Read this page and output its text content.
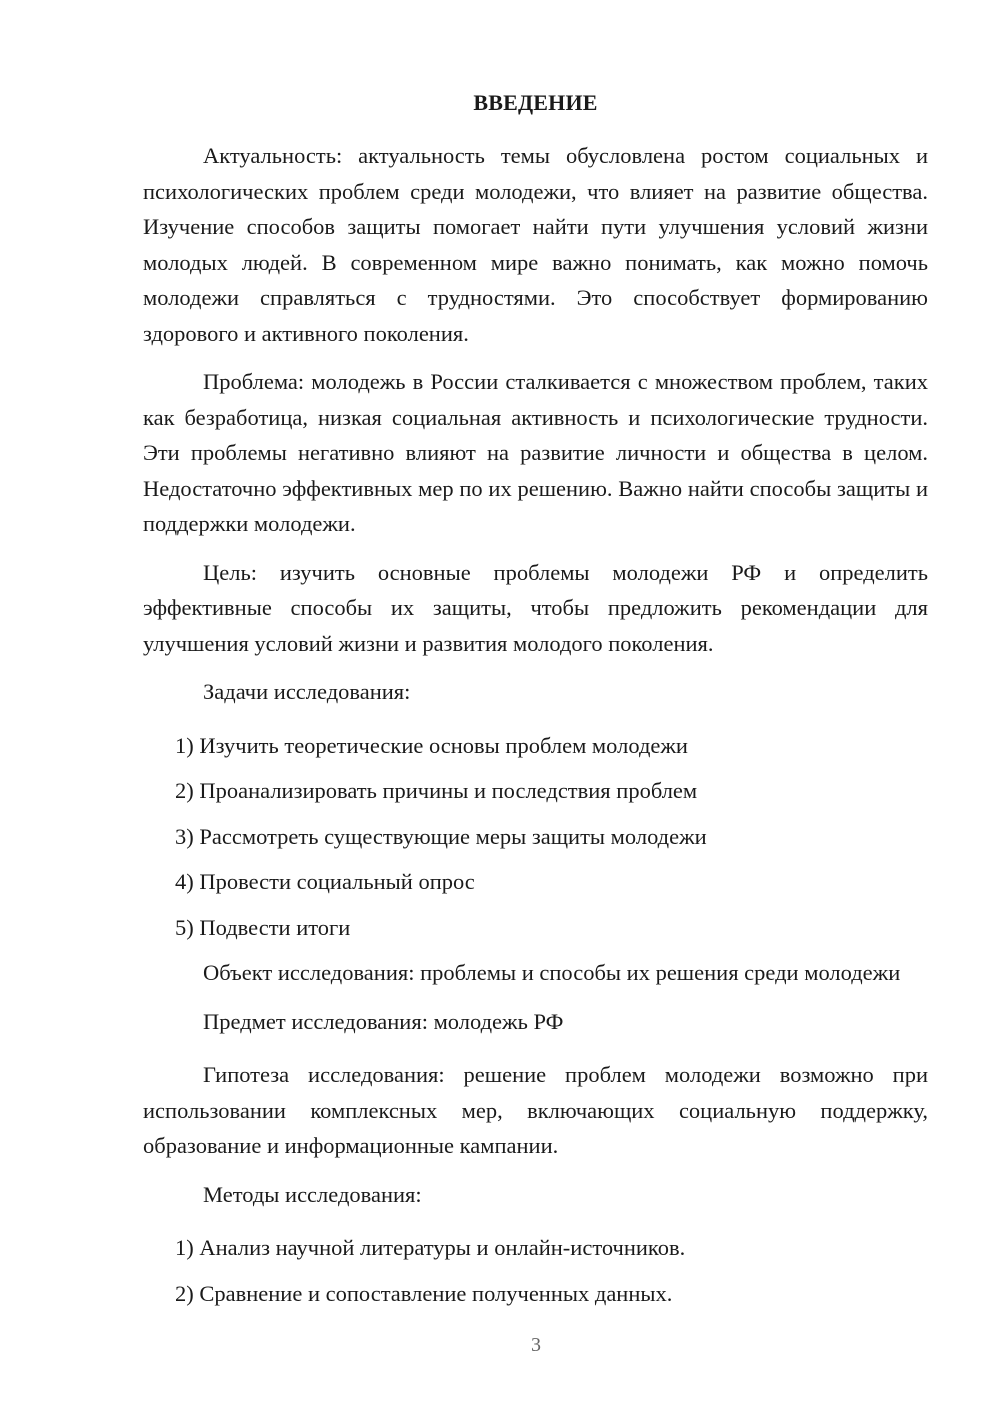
ВВЕДЕНИЕ

Актуальность: актуальность темы обусловлена ростом социальных и психологических проблем среди молодежи, что влияет на развитие общества. Изучение способов защиты помогает найти пути улучшения условий жизни молодых людей. В современном мире важно понимать, как можно помочь молодежи справляться с трудностями. Это способствует формированию здорового и активного поколения.

Проблема: молодежь в России сталкивается с множеством проблем, таких как безработица, низкая социальная активность и психологические трудности. Эти проблемы негативно влияют на развитие личности и общества в целом. Недостаточно эффективных мер по их решению. Важно найти способы защиты и поддержки молодежи.

Цель: изучить основные проблемы молодежи РФ и определить эффективные способы их защиты, чтобы предложить рекомендации для улучшения условий жизни и развития молодого поколения.

Задачи исследования:

1) Изучить теоретические основы проблем молодежи
2) Проанализировать причины и последствия проблем
3) Рассмотреть существующие меры защиты молодежи
4) Провести социальный опрос
5) Подвести итоги

Объект исследования: проблемы и способы их решения среди молодежи

Предмет исследования: молодежь РФ

Гипотеза исследования: решение проблем молодежи возможно при использовании комплексных мер, включающих социальную поддержку, образование и информационные кампании.

Методы исследования:

1) Анализ научной литературы и онлайн-источников.
2) Сравнение и сопоставление полученных данных.
3
